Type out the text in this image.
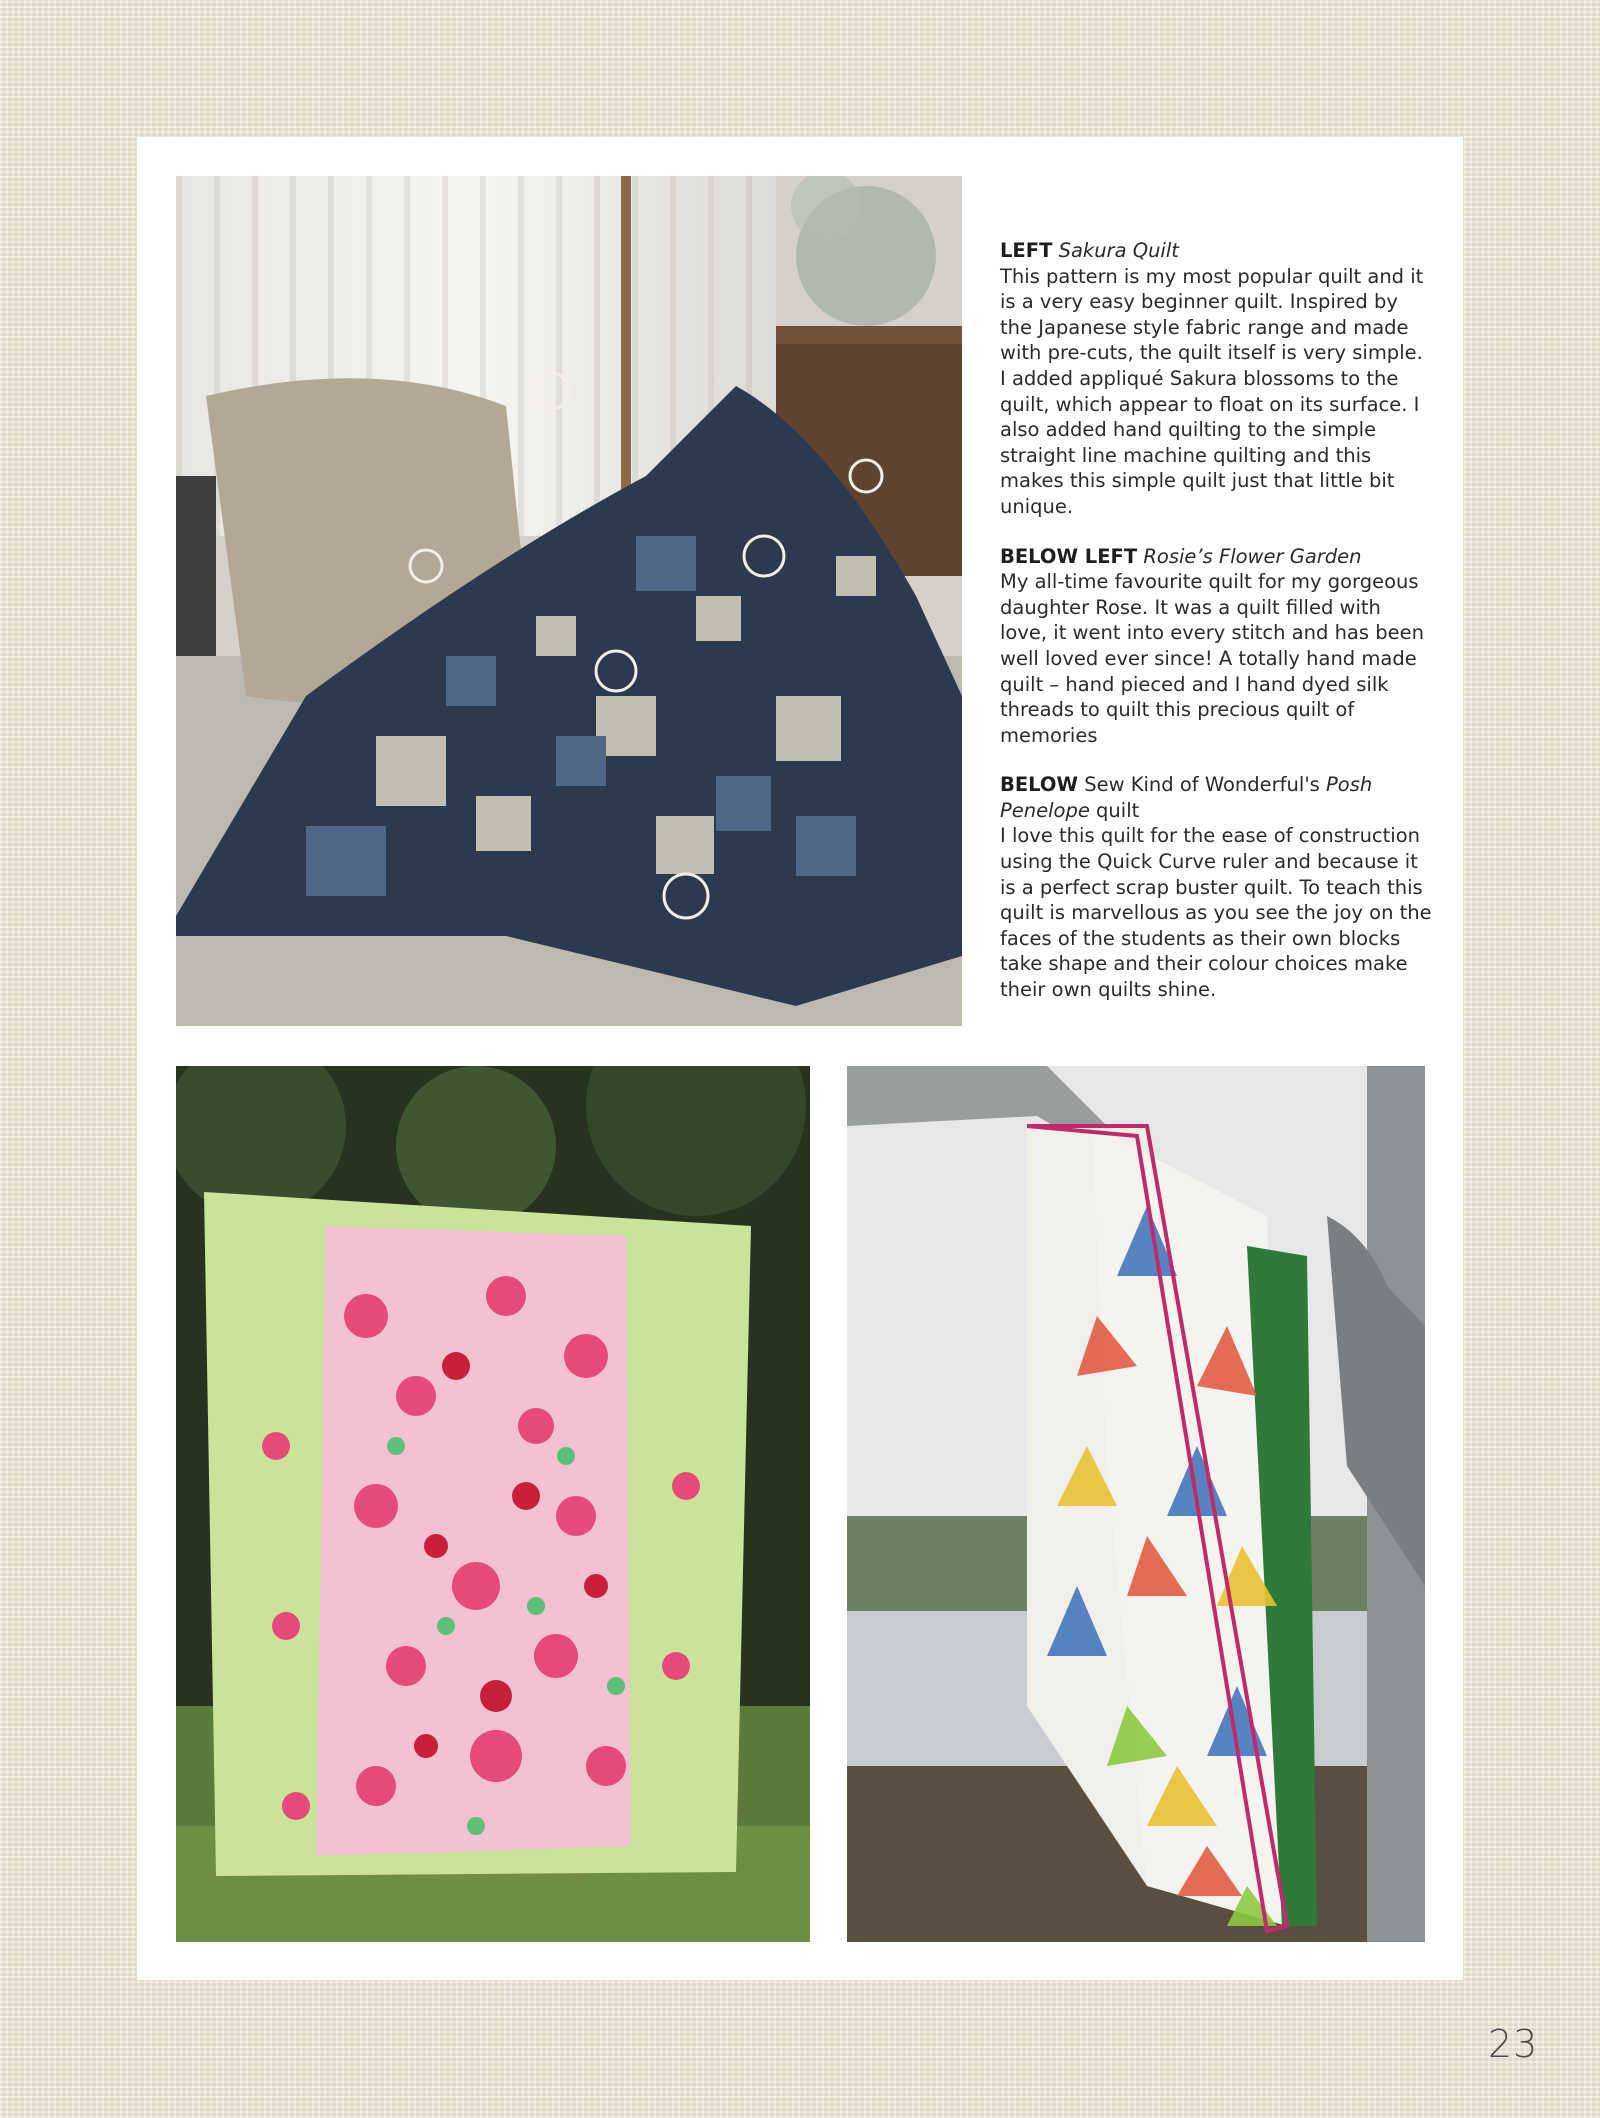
LEFT Sakura Quilt
This pattern is my most popular quilt and it is a very easy beginner quilt. Inspired by the Japanese style fabric range and made with pre-cuts, the quilt itself is very simple. I added appliqué Sakura blossoms to the quilt, which appear to float on its surface. I also added hand quilting to the simple straight line machine quilting and this makes this simple quilt just that little bit unique.

BELOW LEFT Rosie’s Flower Garden
My all-time favourite quilt for my gorgeous daughter Rose. It was a quilt filled with love, it went into every stitch and has been well loved ever since! A totally hand made quilt – hand pieced and I hand dyed silk threads to quilt this precious quilt of memories

BELOW Sew Kind of Wonderful's Posh Penelope quilt
I love this quilt for the ease of construction using the Quick Curve ruler and because it is a perfect scrap buster quilt. To teach this quilt is marvellous as you see the joy on the faces of the students as their own blocks take shape and their colour choices make their own quilts shine.

23
